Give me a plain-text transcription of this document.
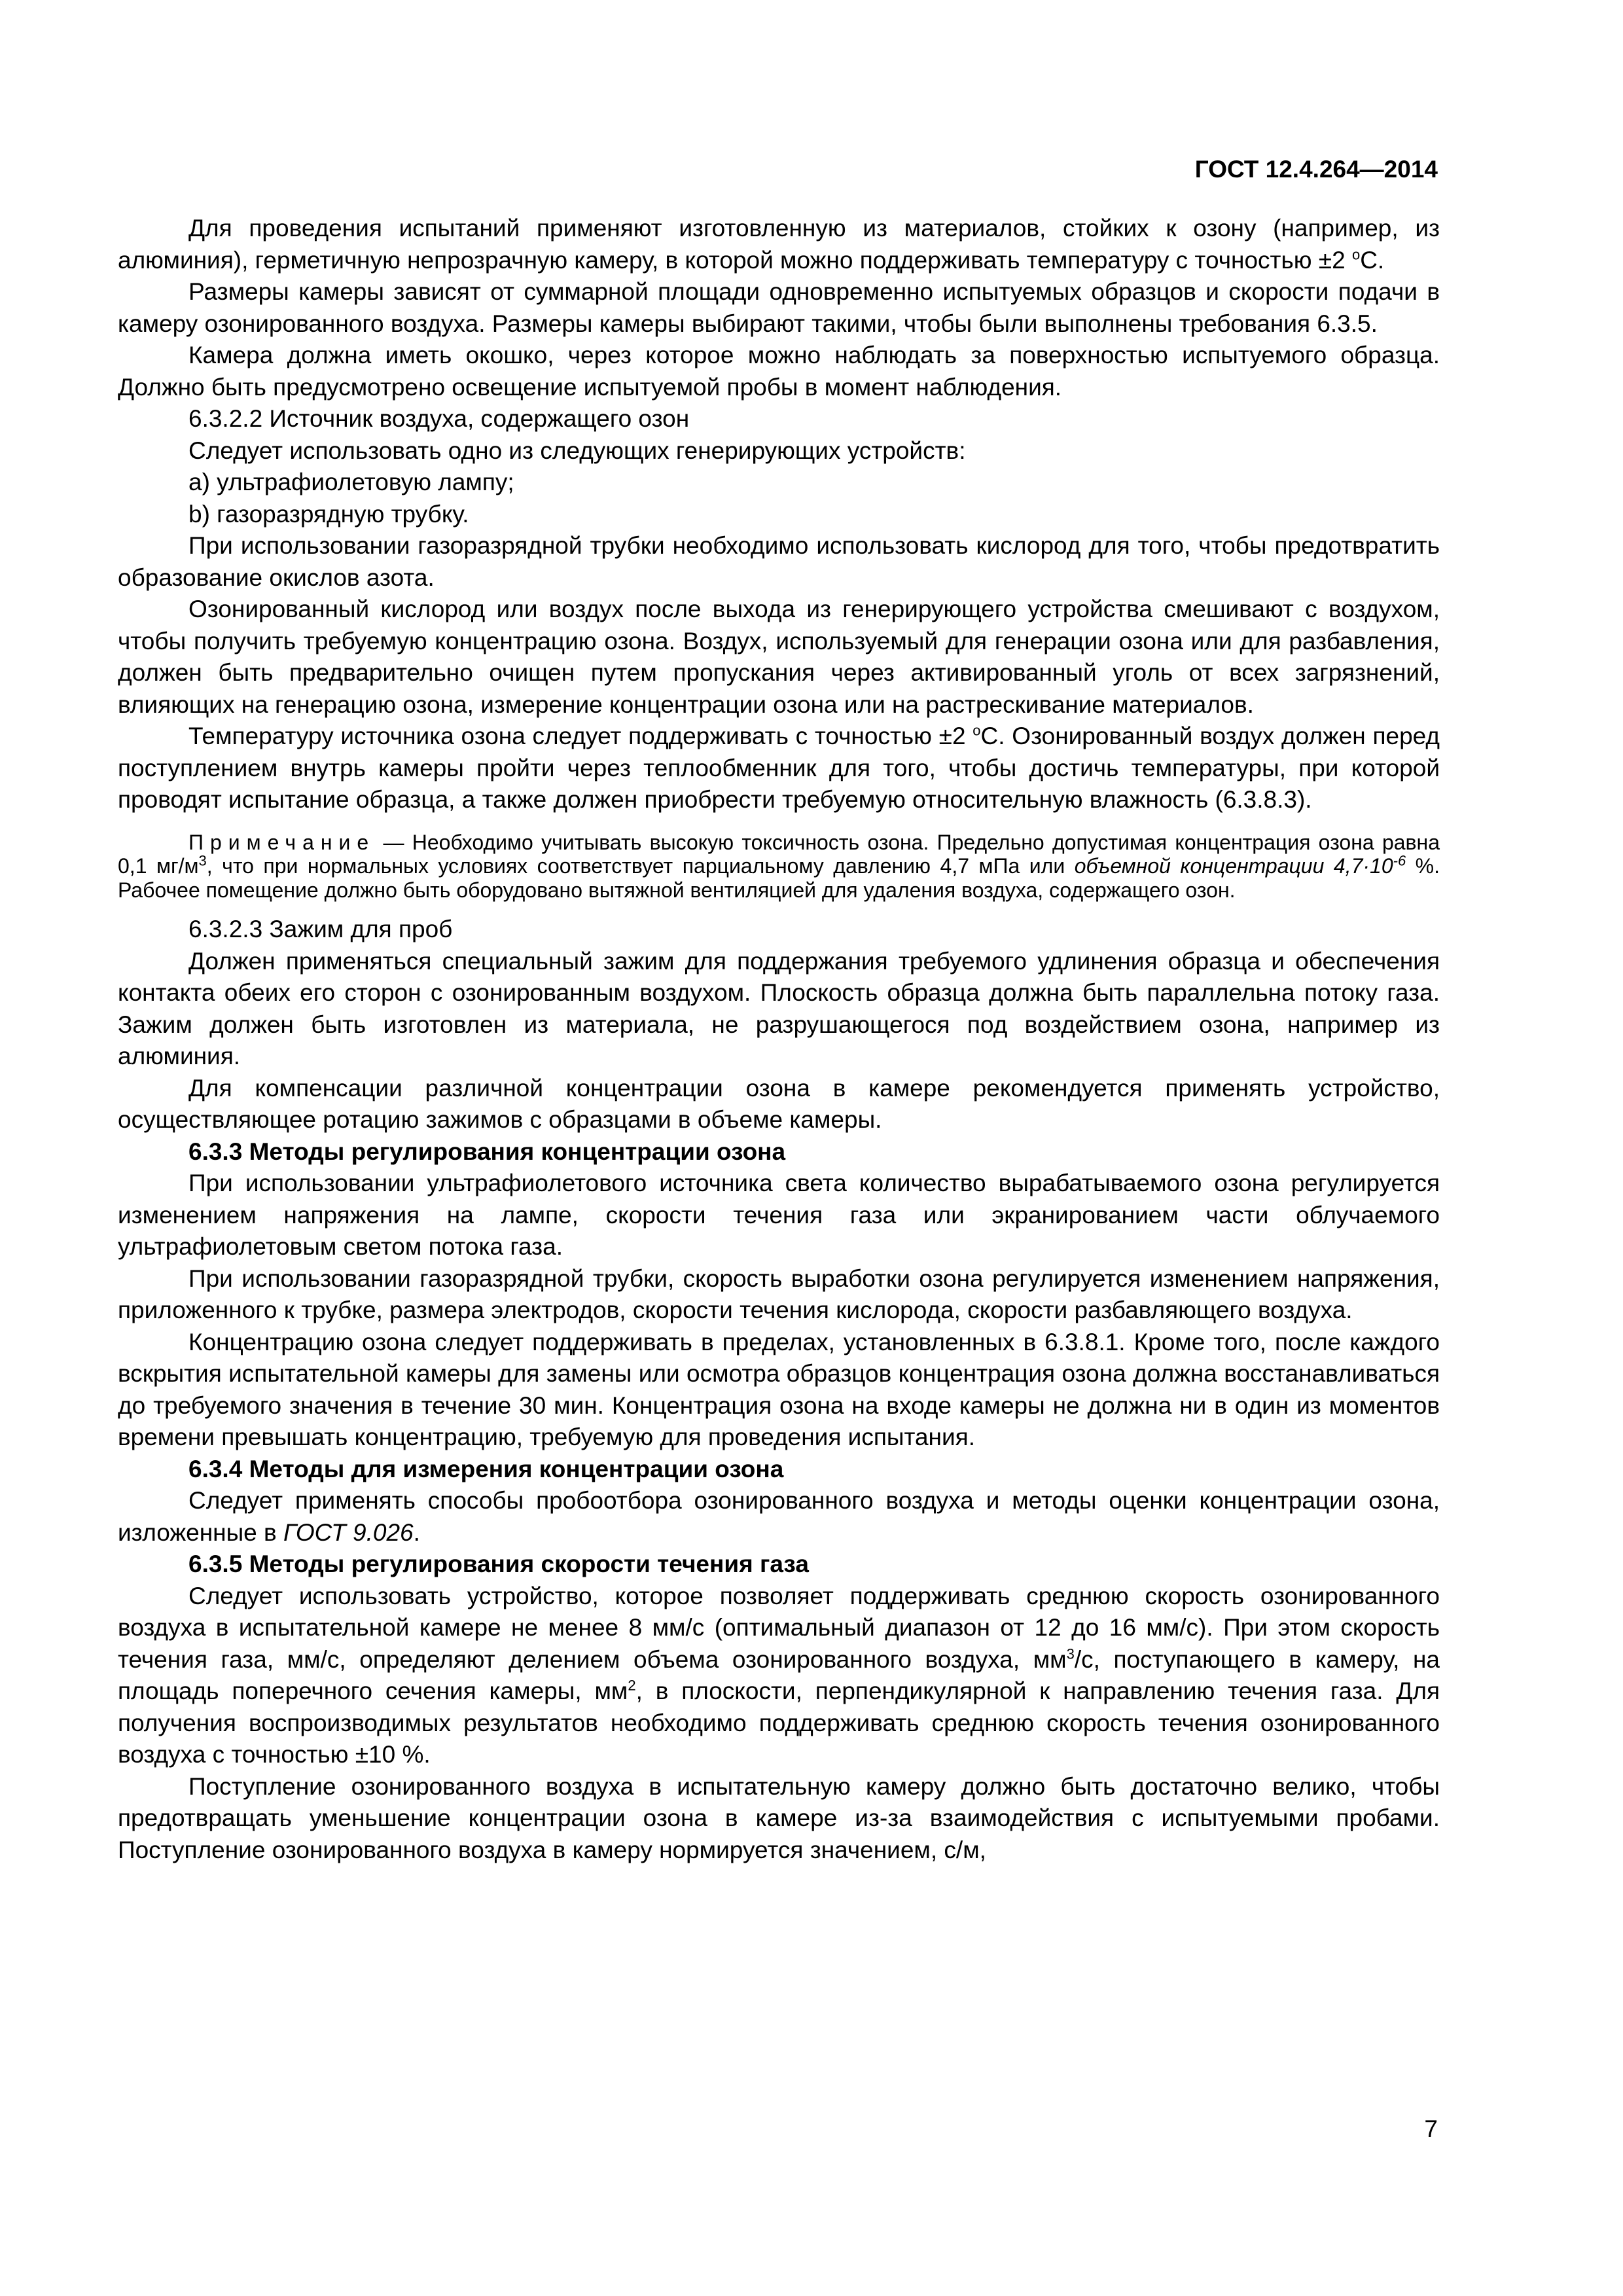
ГОСТ 12.4.264—2014

Для проведения испытаний применяют изготовленную из материалов, стойких к озону (например, из алюминия), герметичную непрозрачную камеру, в которой можно поддерживать температуру с точностью ±2 $^о$С.

Размеры камеры зависят от суммарной площади одновременно испытуемых образцов и скорости подачи в камеру озонированного воздуха. Размеры камеры выбирают такими, чтобы были выполнены требования 6.3.5.

Камера должна иметь окошко, через которое можно наблюдать за поверхностью испытуемого образца. Должно быть предусмотрено освещение испытуемой пробы в момент наблюдения.

6.3.2.2 Источник воздуха, содержащего озон

Следует использовать одно из следующих генерирующих устройств:

a) ультрафиолетовую лампу;

b) газоразрядную трубку.

При использовании газоразрядной трубки необходимо использовать кислород для того, чтобы предотвратить образование окислов азота.

Озонированный кислород или воздух после выхода из генерирующего устройства смешивают с воздухом, чтобы получить требуемую концентрацию озона. Воздух, используемый для генерации озона или для разбавления, должен быть предварительно очищен путем пропускания через активированный уголь от всех загрязнений, влияющих на генерацию озона, измерение концентрации озона или на растрескивание материалов.

Температуру источника озона следует поддерживать с точностью ±2 $^о$С. Озонированный воздух должен перед поступлением внутрь камеры пройти через теплообменник для того, чтобы достичь температуры, при которой проводят испытание образца, а также должен приобрести требуемую относительную влажность (6.3.8.3).

Примечание — Необходимо учитывать высокую токсичность озона. Предельно допустимая концентрация озона равна 0,1 $мг/м^3$, что при нормальных условиях соответствует парциальному давлению 4,7 мПа или объемной концентрации $4,7\cdot 10^{-6}$ %. Рабочее помещение должно быть оборудовано вытяжной вентиляцией для удаления воздуха, содержащего озон.

6.3.2.3 Зажим для проб

Должен применяться специальный зажим для поддержания требуемого удлинения образца и обеспечения контакта обеих его сторон с озонированным воздухом. Плоскость образца должна быть параллельна потоку газа. Зажим должен быть изготовлен из материала, не разрушающегося под воздействием озона, например из алюминия.

Для компенсации различной концентрации озона в камере рекомендуется применять устройство, осуществляющее ротацию зажимов с образцами в объеме камеры.

6.3.3 Методы регулирования концентрации озона

При использовании ультрафиолетового источника света количество вырабатываемого озона регулируется изменением напряжения на лампе, скорости течения газа или экранированием части облучаемого ультрафиолетовым светом потока газа.

При использовании газоразрядной трубки, скорость выработки озона регулируется изменением напряжения, приложенного к трубке, размера электродов, скорости течения кислорода, скорости разбавляющего воздуха.

Концентрацию озона следует поддерживать в пределах, установленных в 6.3.8.1. Кроме того, после каждого вскрытия испытательной камеры для замены или осмотра образцов концентрация озона должна восстанавливаться до требуемого значения в течение 30 мин. Концентрация озона на входе камеры не должна ни в один из моментов времени превышать концентрацию, требуемую для проведения испытания.

6.3.4 Методы для измерения концентрации озона

Следует применять способы пробоотбора озонированного воздуха и методы оценки концентрации озона, изложенные в ГОСТ 9.026.

6.3.5 Методы регулирования скорости течения газа

Следует использовать устройство, которое позволяет поддерживать среднюю скорость озонированного воздуха в испытательной камере не менее 8 мм/с (оптимальный диапазон от 12 до 16 мм/с). При этом скорость течения газа, мм/с, определяют делением объема озонированного воздуха, $мм^3/с$, поступающего в камеру, на площадь поперечного сечения камеры, $мм^2$, в плоскости, перпендикулярной к направлению течения газа. Для получения воспроизводимых результатов необходимо поддерживать среднюю скорость течения озонированного воздуха с точностью ±10 %.

Поступление озонированного воздуха в испытательную камеру должно быть достаточно велико, чтобы предотвращать уменьшение концентрации озона в камере из-за взаимодействия с испытуемыми пробами. Поступление озонированного воздуха в камеру нормируется значением, с/м,

7
